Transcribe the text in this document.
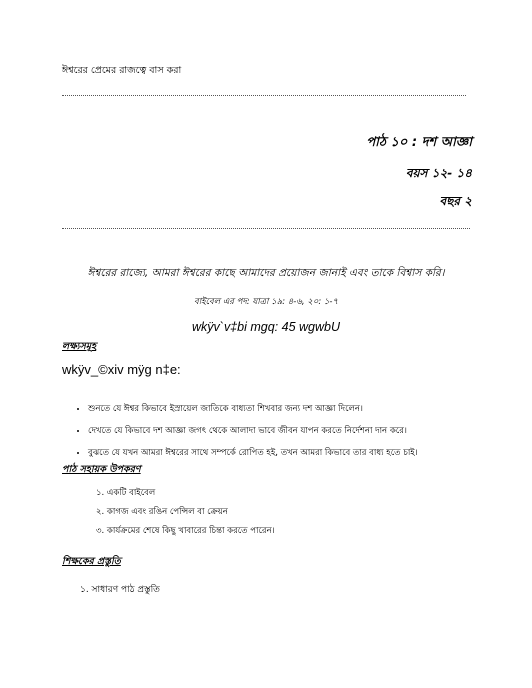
ঈশ্বরের প্রেমের রাজত্বে বাস করা
পাঠ ১০ : দশ আজ্ঞা
বয়স ১২- ১৪
বছর ২
ঈশ্বরের রাজ্যে, আমরা ঈশ্বরের কাছে আমাদের প্রয়োজন জানাই এবং তাকে বিশ্বাস করি।
বাইবেল এর পদ: যাত্রা ১৯: ৪-৬, ২০: ১-৭
wkÿv`v‡bi mgq: 45 wgwbU
লক্ষ্যসমূহ
wkÿv_©xiv mÿg n‡e:
• শুনতে যে ঈশ্বর কিভাবে ইস্রায়েল জাতিকে বাধ্যতা শিখবার জন্য দশ আজ্ঞা দিলেন।
• দেখতে যে কিভাবে দশ আজ্ঞা জগৎ থেকে আলাদা ভাবে জীবন যাপন করতে নির্দেশনা দান করে।
• বুঝতে যে যখন আমরা ঈশ্বরের সাথে সম্পর্কে রোপিত হই, তখন আমরা কিভাবে তার বাধ্য হতে চাই।
পাঠ সহায়ক উপকরণ
১. একটি বাইবেল
২. কাগজ এবং রঙিন পেন্সিল বা ক্রেয়ন
৩. কার্যক্রমের শেষে কিছু খাবারের চিন্তা করতে পারেন।
শিক্ষকের প্রস্তুতি
১. সাধারণ পাঠ প্রস্তুতি
